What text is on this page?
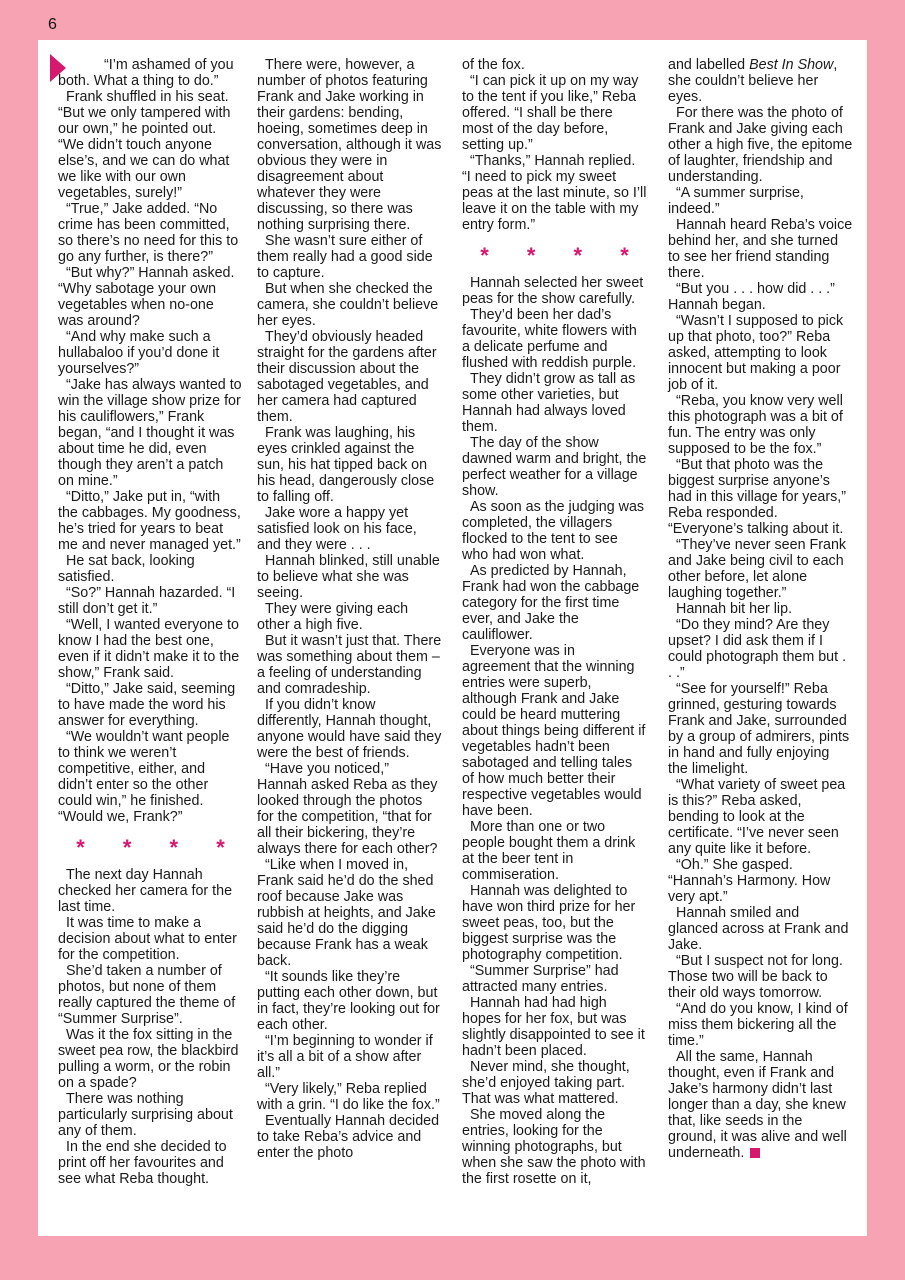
6

“I’m ashamed of you both. What a thing to do.”

Frank shuffled in his seat. “But we only tampered with our own,” he pointed out. “We didn’t touch anyone else’s, and we can do what we like with our own vegetables, surely!”

“True,” Jake added. “No crime has been committed, so there’s no need for this to go any further, is there?”

“But why?” Hannah asked. “Why sabotage your own vegetables when no-one was around?

“And why make such a hullabaloo if you’d done it yourselves?”

“Jake has always wanted to win the village show prize for his cauliflowers,” Frank began, “and I thought it was about time he did, even though they aren’t a patch on mine.”

“Ditto,” Jake put in, “with the cabbages. My goodness, he’s tried for years to beat me and never managed yet.”

He sat back, looking satisfied.

“So?” Hannah hazarded. “I still don’t get it.”

“Well, I wanted everyone to know I had the best one, even if it didn’t make it to the show,” Frank said.

“Ditto,” Jake said, seeming to have made the word his answer for everything.

“We wouldn’t want people to think we weren’t competitive, either, and didn’t enter so the other could win,” he finished. “Would we, Frank?”

* * * *

The next day Hannah checked her camera for the last time.

It was time to make a decision about what to enter for the competition.

She’d taken a number of photos, but none of them really captured the theme of “Summer Surprise”.

Was it the fox sitting in the sweet pea row, the blackbird pulling a worm, or the robin on a spade?

There was nothing particularly surprising about any of them.

In the end she decided to print off her favourites and see what Reba thought.

There were, however, a number of photos featuring Frank and Jake working in their gardens: bending, hoeing, sometimes deep in conversation, although it was obvious they were in disagreement about whatever they were discussing, so there was nothing surprising there.

She wasn’t sure either of them really had a good side to capture.

But when she checked the camera, she couldn’t believe her eyes.

They’d obviously headed straight for the gardens after their discussion about the sabotaged vegetables, and her camera had captured them.

Frank was laughing, his eyes crinkled against the sun, his hat tipped back on his head, dangerously close to falling off.

Jake wore a happy yet satisfied look on his face, and they were . . .

Hannah blinked, still unable to believe what she was seeing.

They were giving each other a high five.

But it wasn’t just that. There was something about them – a feeling of understanding and comradeship.

If you didn’t know differently, Hannah thought, anyone would have said they were the best of friends.

“Have you noticed,” Hannah asked Reba as they looked through the photos for the competition, “that for all their bickering, they’re always there for each other?

“Like when I moved in, Frank said he’d do the shed roof because Jake was rubbish at heights, and Jake said he’d do the digging because Frank has a weak back.

“It sounds like they’re putting each other down, but in fact, they’re looking out for each other.

“I’m beginning to wonder if it’s all a bit of a show after all.”

“Very likely,” Reba replied with a grin. “I do like the fox.”

Eventually Hannah decided to take Reba’s advice and enter the photo

of the fox.

“I can pick it up on my way to the tent if you like,” Reba offered. “I shall be there most of the day before, setting up.”

“Thanks,” Hannah replied. “I need to pick my sweet peas at the last minute, so I’ll leave it on the table with my entry form.”

* * * *

Hannah selected her sweet peas for the show carefully.

They’d been her dad’s favourite, white flowers with a delicate perfume and flushed with reddish purple.

They didn’t grow as tall as some other varieties, but Hannah had always loved them.

The day of the show dawned warm and bright, the perfect weather for a village show.

As soon as the judging was completed, the villagers flocked to the tent to see who had won what.

As predicted by Hannah, Frank had won the cabbage category for the first time ever, and Jake the cauliflower.

Everyone was in agreement that the winning entries were superb, although Frank and Jake could be heard muttering about things being different if vegetables hadn’t been sabotaged and telling tales of how much better their respective vegetables would have been.

More than one or two people bought them a drink at the beer tent in commiseration.

Hannah was delighted to have won third prize for her sweet peas, too, but the biggest surprise was the photography competition.

“Summer Surprise” had attracted many entries.

Hannah had had high hopes for her fox, but was slightly disappointed to see it hadn’t been placed.

Never mind, she thought, she’d enjoyed taking part. That was what mattered.

She moved along the entries, looking for the winning photographs, but when she saw the photo with the first rosette on it,

and labelled Best In Show, she couldn’t believe her eyes.

For there was the photo of Frank and Jake giving each other a high five, the epitome of laughter, friendship and understanding.

“A summer surprise, indeed.”

Hannah heard Reba’s voice behind her, and she turned to see her friend standing there.

“But you . . . how did . . .” Hannah began.

“Wasn’t I supposed to pick up that photo, too?” Reba asked, attempting to look innocent but making a poor job of it.

“Reba, you know very well this photograph was a bit of fun. The entry was only supposed to be the fox.”

“But that photo was the biggest surprise anyone’s had in this village for years,” Reba responded. “Everyone’s talking about it.

“They’ve never seen Frank and Jake being civil to each other before, let alone laughing together.”

Hannah bit her lip.

“Do they mind? Are they upset? I did ask them if I could photograph them but . . .”

“See for yourself!” Reba grinned, gesturing towards Frank and Jake, surrounded by a group of admirers, pints in hand and fully enjoying the limelight.

“What variety of sweet pea is this?” Reba asked, bending to look at the certificate. “I’ve never seen any quite like it before.

“Oh.” She gasped. “Hannah’s Harmony. How very apt.”

Hannah smiled and glanced across at Frank and Jake.

“But I suspect not for long. Those two will be back to their old ways tomorrow.

“And do you know, I kind of miss them bickering all the time.”

All the same, Hannah thought, even if Frank and Jake’s harmony didn’t last longer than a day, she knew that, like seeds in the ground, it was alive and well underneath.
